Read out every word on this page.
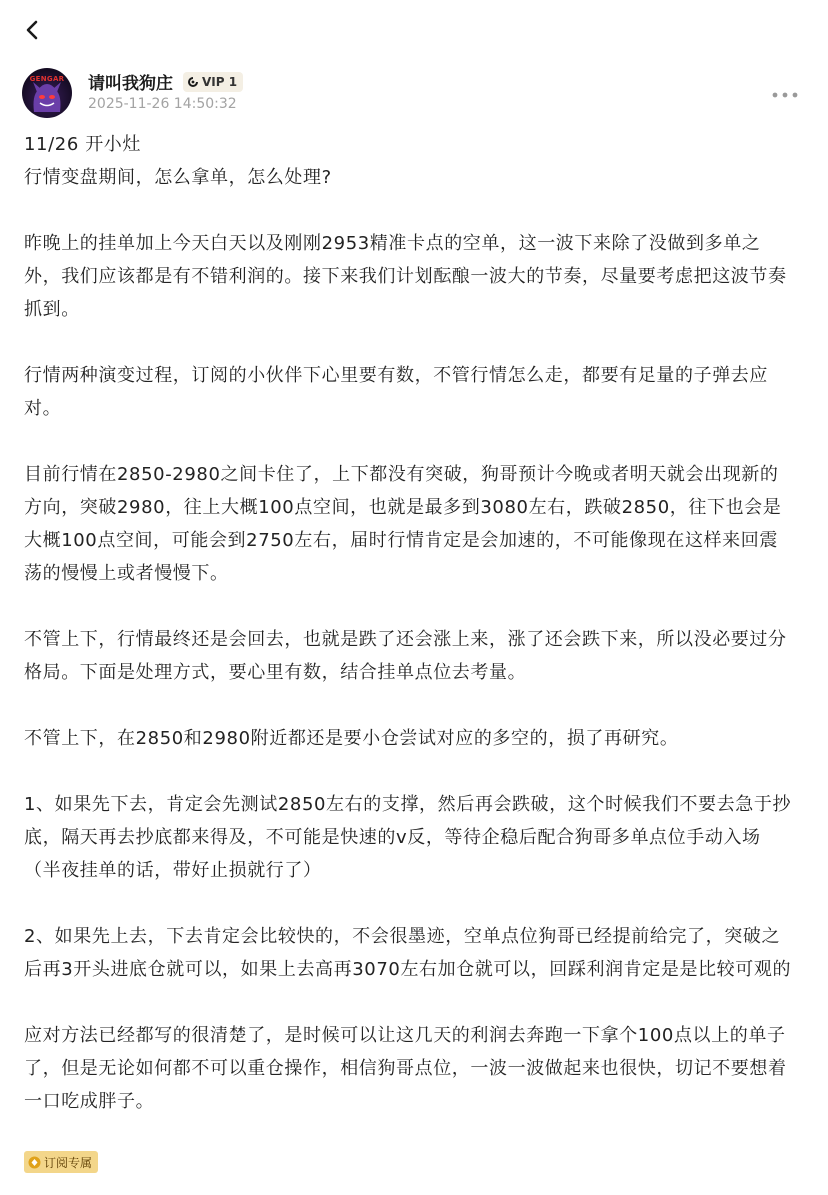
GENGAR	请叫我狗庄 VIP 1
2025-11-26 14:50:32

11/26 开小灶

行情变盘期间，怎么拿单，怎么处理?

昨晚上的挂单加上今天白天以及刚刚2953精准卡点的空单，这一波下来除了没做到多单之外，我们应该都是有不错利润的。接下来我们计划酝酿一波大的节奏，尽量要考虑把这波节奏抓到。

行情两种演变过程，订阅的小伙伴下心里要有数，不管行情怎么走，都要有足量的子弹去应对。

目前行情在2850-2980之间卡住了，上下都没有突破，狗哥预计今晚或者明天就会出现新的方向，突破2980，往上大概100点空间，也就是最多到3080左右，跌破2850，往下也会是大概100点空间，可能会到2750左右，届时行情肯定是会加速的，不可能像现在这样来回震荡的慢慢上或者慢慢下。

不管上下，行情最终还是会回去，也就是跌了还会涨上来，涨了还会跌下来，所以没必要过分格局。下面是处理方式，要心里有数，结合挂单点位去考量。

不管上下，在2850和2980附近都还是要小仓尝试对应的多空的，损了再研究。

1、如果先下去，肯定会先测试2850左右的支撑，然后再会跌破，这个时候我们不要去急于抄底，隔天再去抄底都来得及，不可能是快速的v反，等待企稳后配合狗哥多单点位手动入场（半夜挂单的话，带好止损就行了）

2、如果先上去，下去肯定会比较快的，不会很墨迹，空单点位狗哥已经提前给完了，突破之后再3开头进底仓就可以，如果上去高再3070左右加仓就可以，回踩利润肯定是是比较可观的

应对方法已经都写的很清楚了，是时候可以让这几天的利润去奔跑一下拿个100点以上的单子了，但是无论如何都不可以重仓操作，相信狗哥点位，一波一波做起来也很快，切记不要想着一口吃成胖子。

订阅专属
